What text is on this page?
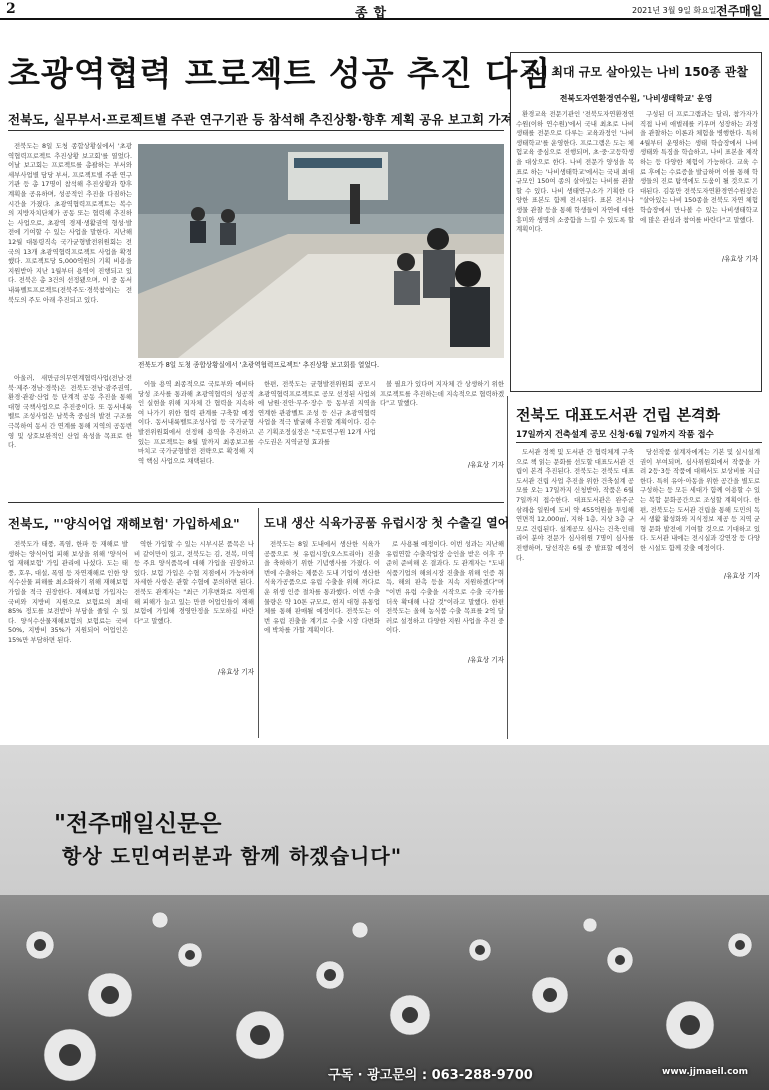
2	종합	2021년 3월 9일 화요일 전주매일
초광역협력 프로젝트 성공 추진 다짐
전북도, 실무부서·프로젝트별 주관 연구기관 등 참석해 추진상황·향후 계획 공유 보고회 가져

전북도는 8일 도청 종합상황실에서 '초광역협력프로젝트 추진상황 보고회'를 열었다. 이날 보고회는 프로젝트를 총괄하는 부서와 세부사업별 담당 부서, 프로젝트별 주관 연구기관 등 총 17명이 참석해 추진상황과 향후 계획을 공유하며, 성공적인 추진을 다짐하는 시간을 가졌다. 초광역협력프로젝트는 복수의 지방자치단체가 공동 또는 협력해 추진하는 사업으로, 초광역 경제·생활권역 형성·발전에 기여할 수 있는 사업을 말한다. 지난해 12월 대통령직속 국가균형발전위원회는 전국의 13개 초광역협력프로젝트 사업을 확정했다. 프로젝트당 5,000억원의 기획 비용을 지원받아 지난 1월부터 용역이 진행되고 있다. 전북은 총 3건의 선정됐으며, 이 중 동서내륙벨트프로젝트(전북주도·경북참여)는 전북도의 주도 아래 추진되고 있다.

아울러, 새만금의무연계협력사업(전남·전북·제주·경남·경북)은 전북도·전남·광주권역, 환경·관광·산업 등 단계적 공동 추진을 통해 대형 국책사업으로 추진중이다. 또 동서내륙벨트 조성사업은 남북축 중심의 발전 구조를 극복하여 동서 간 연계를 통해 지역의 공동번영 및 상호보완적인 산업 육성을 목표로 한다.

전북도가 8일 도청 종합상황실에서 '초광역협력프로젝트' 추진상황 보고회를 열었다.

이들 용역 최종적으로 국토부와 예비타당성 조사를 통과해 초광역협력의 성공적인 실현을 위해 지자체 간 협력을 지속하여 나가기 위한 협력 관계를 구축할 예정이다. 동서내륙벨트조성사업 등 국가균형발전위원회에서 선정해 용역을 추진하고 있는 프로젝트는 8월 말까지 최종보고를 마치고 국가균형발전 전략으로 확정해 지역 핵심 사업으로 채택된다.

한편, 전북도는 균형발전위원회 공모시 초광역협력프로젝트로 공모 선정된 사업외에 남원·진안·무주·장수 등 동부권 지역을 연계한 관광벨트 조성 등 신규 초광역협력 사업을 적극 발굴해 추진할 계획이다. 김수곤 기획조정실장은 "국토연구원 12개 사업 수도권은 지역균형 효과를

볼 필요가 있다며 지자체 간 상생하기 위한 프로젝트를 추진하는데 지속적으로 협력하겠다"고 말했다.

/유효상 기자
국내 최대 규모 살아있는 나비 150종 관찰
전북도자연환경연수원, '나비생태학교' 운영

환경교육 전문기관인 '전북도자연환경연수원(이하 연수원)'에서 국내 최초로 나비 생태를 전문으로 다루는 교육과정인 '나비생태학교'를 운영한다. 프로그램은 도는 체험교육 중심으로 진행되며, 초·중·고등학생을 대상으로 한다. 나비 전문가 양성을 목표로 하는 '나비생태학교'에서는 국내 최대 규모인 150여 종의 살아있는 나비를 관찰할 수 있다. 나비 생태연구소가 기획한 다양한 표본도 함께 전시된다. 표본 전시나 생물 관찰 등을 통해 학생들이 자연에 대한 흥미와 생명의 소중함을 느낄 수 있도록 할 계획이다.

구성된 더 프로그램과는 달리, 참가자가 직접 나비 애벌레를 키우며 성장하는 과정을 관찰하는 이론과 체험을 병행한다. 특히 4월부터 운영하는 생태 학습장에서 나비 생태와 특징을 학습하고, 나비 표본을 제작하는 등 다양한 체험이 가능하다. 교육 수료 후에는 수료증을 발급하며 이를 통해 학생들의 진로 탐색에도 도움이 될 것으로 기대된다. 김동만 전북도자연환경연수원장은 "살아있는 나비 150종을 전북도 자연 체험학습장에서 만나볼 수 있는 나비생태학교에 많은 관심과 참여를 바란다"고 말했다.

/유효상 기자
전북도 대표도서관 건립 본격화
17일까지 건축설계 공모 신청·6월 7일까지 작품 접수

도서관 정책 및 도서관 간 협력체계 구축으로 책 읽는 문화를 선도할 대표도서관 건립이 본격 추진된다. 전북도는 전북도 대표도서관 건립 사업 추진을 위한 건축설계 공모를 오는 17일까지 신청받아, 작품은 6월 7일까지 접수한다. 대표도서관은 완주군 삼례읍 일원에 도비 약 455억원을 투입해 연면적 12,000㎡, 지하 1층, 지상 3층 규모로 건립된다. 설계공모 심사는 건축·인테리어 분야 전문가 심사위원 7명이 심사를 진행하며, 당선작은 6월 중 발표할 예정이다.

당선작품 설계자에게는 기본 및 실시설계권이 부여되며, 심사위원회에서 작품을 가려 2등·3등 작품에 대해서도 보상비를 지급한다. 특히 유아·아동을 위한 공간을 별도로 구성하는 등 모든 세대가 함께 이용할 수 있는 복합 문화공간으로 조성할 계획이다. 한편, 전북도는 도서관 건립을 통해 도민의 독서 생활 활성화와 지식정보 제공 등 지역 균형 문화 발전에 기여할 것으로 기대하고 있다. 도서관 내에는 전시실과 강연장 등 다양한 시설도 함께 갖출 예정이다.

/유효상 기자
전북도, "'양식어업 재해보험' 가입하세요"

전북도가 태풍, 폭염, 한파 등 재해로 발생하는 양식어업 피해 보상을 위해 '양식어업 재해보험' 가입 관리에 나섰다. 도는 태풍, 호우, 대설, 폭염 등 자연재해로 인한 양식수산물 피해를 최소화하기 위해 재해보험 가입을 적극 권장한다. 재해보험 가입자는 국비와 지방비 지원으로 보험료의 최대 85% 정도를 보전받아 부담을 줄일 수 있다. 양식수산물재해보험의 보험료는 국비 50%, 지방비 35%가 지원되어 어업인은 15%만 부담하면 된다.

역한 가입할 수 있는 시부시본 품목은 나비 같이만이 있고, 전북도는 김, 전복, 미역 등 주요 양식품목에 대해 가입을 권장하고 있다. 보험 가입은 수협 지점에서 가능하며 자세한 사항은 관할 수협에 문의하면 된다. 전북도 관계자는 "최근 기후변화로 자연재해 피해가 늘고 있는 만큼 어업인들이 재해보험에 가입해 경영안정을 도모하길 바란다"고 말했다.

/유효상 기자
도내 생산 식육가공품 유럽시장 첫 수출길 열어

전북도는 8일 도내에서 생산한 식육가공품으로 첫 유럽시장(오스트리아) 진출을 축하하기 위한 기념행사를 가졌다. 이번에 수출하는 제품은 도내 기업이 생산한 식육가공품으로 유럽 수출을 위해 까다로운 위생 인증 절차를 통과했다. 이번 수출 물량은 약 10톤 규모로, 현지 대형 유통업체를 통해 판매될 예정이다. 전북도는 이번 유럽 진출을 계기로 수출 시장 다변화에 박차를 가할 계획이다.

로 사용될 예정이다. 이번 성과는 지난해 유럽연합 수출작업장 승인을 받은 이후 꾸준히 준비해 온 결과다. 도 관계자는 "도내 식품기업의 해외시장 진출을 위해 인증 취득, 해외 판촉 등을 지속 지원하겠다"며 "이번 유럽 수출을 시작으로 수출 국가를 더욱 확대해 나갈 것"이라고 말했다. 한편 전북도는 올해 농식품 수출 목표를 2억 달러로 설정하고 다양한 지원 사업을 추진 중이다.

/유효상 기자
"전주매일신문은
항상 도민여러분과 함께 하겠습니다"
구독 · 광고문의 : 063-288-9700	www.jjmaeil.com
